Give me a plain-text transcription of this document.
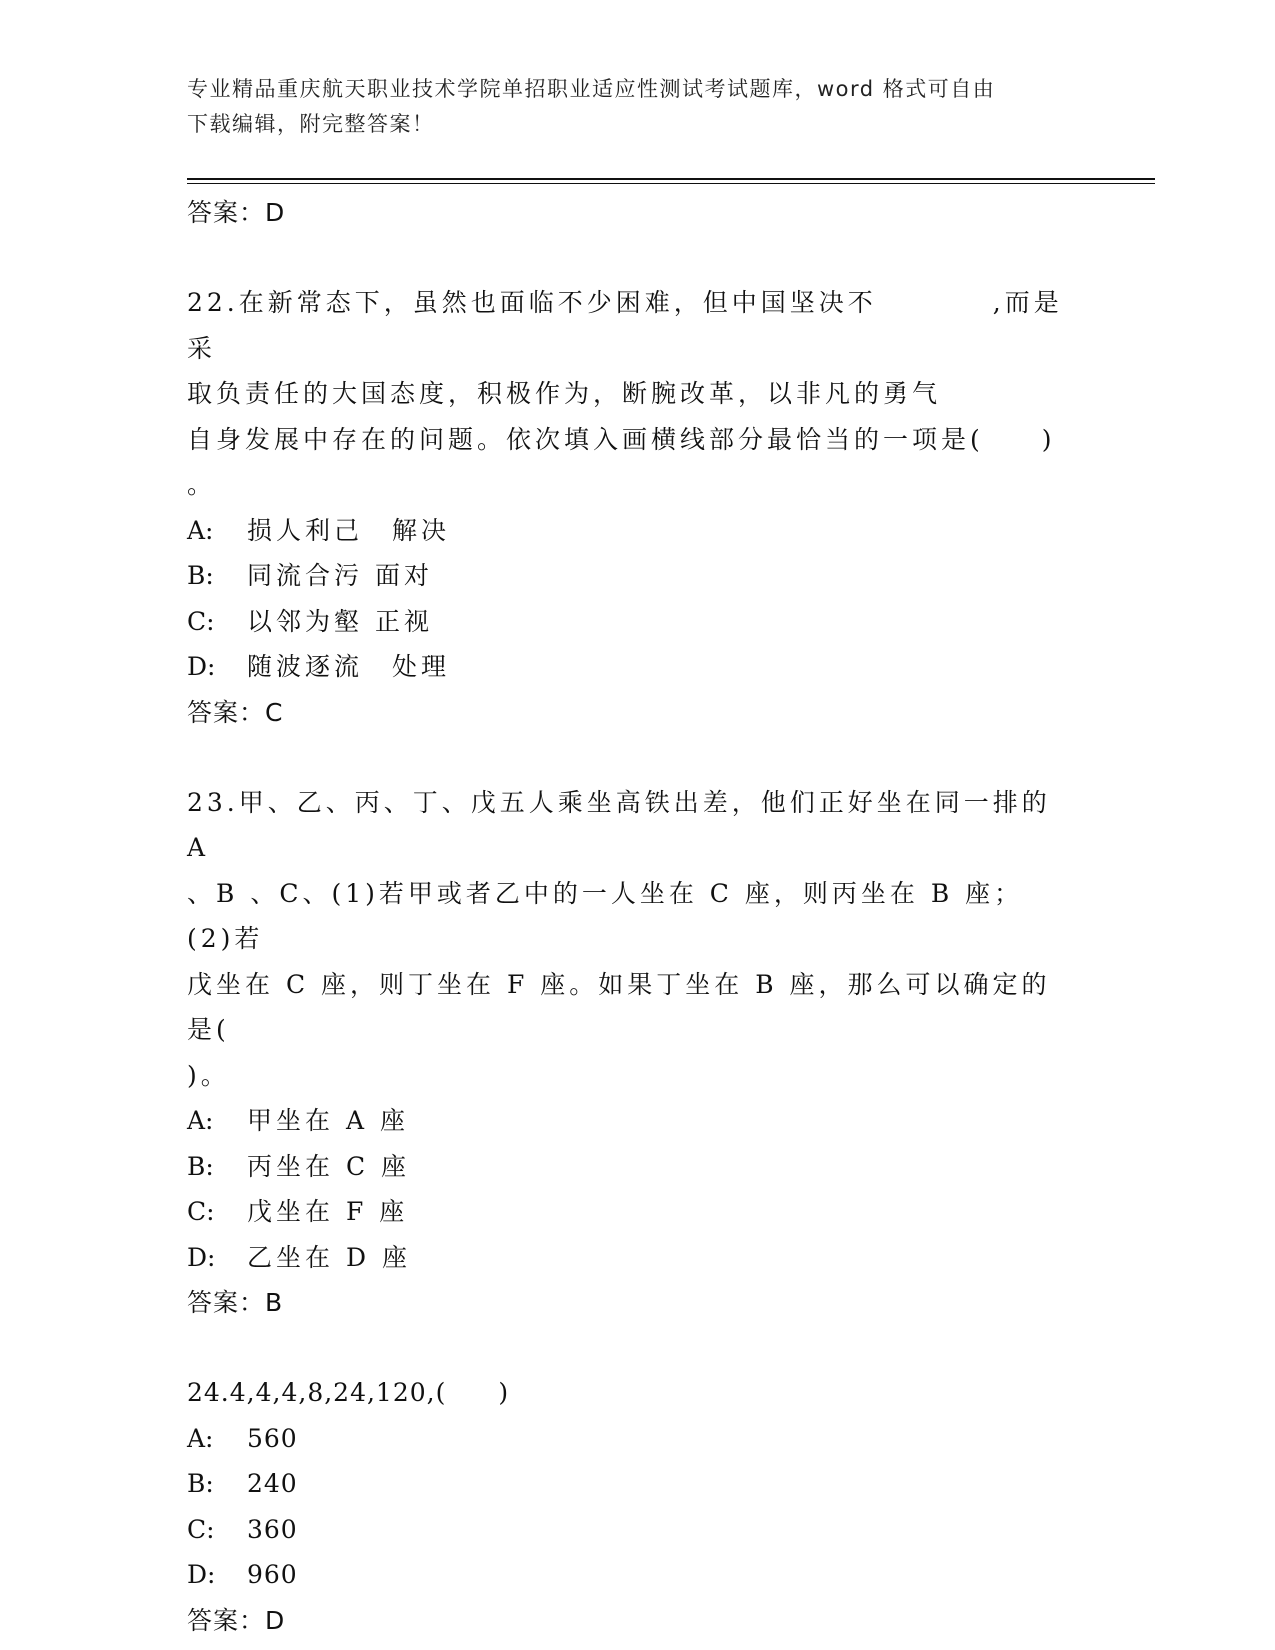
专业精品重庆航天职业技术学院单招职业适应性测试考试题库，word 格式可自由
下载编辑，附完整答案！
答案：D
22.在新常态下，虽然也面临不少困难，但中国坚决不　　　　,而是采
取负责任的大国态度，积极作为，断腕改革，以非凡的勇气
自身发展中存在的问题。依次填入画横线部分最恰当的一项是(　　)
。
A: 损人利己　解决
B: 同流合污 面对
C: 以邻为壑 正视
D: 随波逐流　处理
答案：C
23.甲、乙、丙、丁、戊五人乘坐高铁出差，他们正好坐在同一排的 A
、B 、C、(1)若甲或者乙中的一人坐在 C 座，则丙坐在 B 座；(2)若
戊坐在 C 座，则丁坐在 F 座。如果丁坐在 B 座，那么可以确定的是(
)。
A: 甲坐在 A 座
B: 丙坐在 C 座
C: 戊坐在 F 座
D: 乙坐在 D 座
答案：B
24.4,4,4,8,24,120,(　　)
A: 560
B: 240
C: 360
D: 960
答案：D
